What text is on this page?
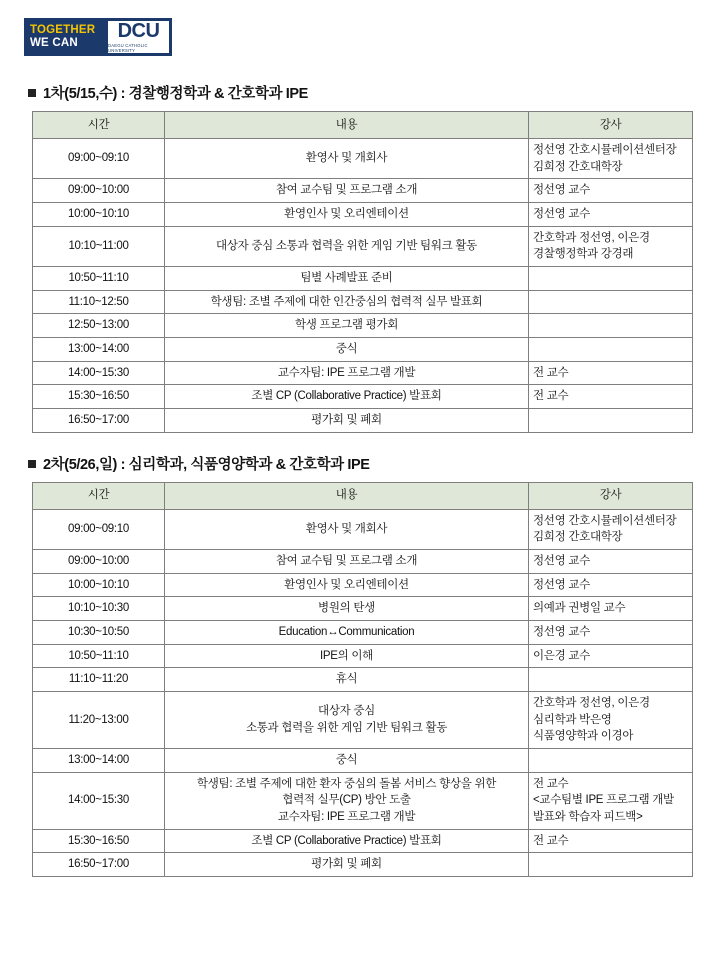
TOGETHER
WE CAN
DCU
DAEGU CATHOLIC UNIVERSITY
1차(5/15,수) : 경찰행정학과 & 간호학과 IPE
시간	내용	강사
09:00~09:10	환영사 및 개회사	정선영 간호시뮬레이션센터장
김희정 간호대학장

09:00~10:00	참여 교수팀 및 프로그램 소개	정선영 교수

10:00~10:10	환영인사 및 오리엔테이션	정선영 교수

10:10~11:00	대상자 중심 소통과 협력을 위한 게임 기반 팀워크 활동	간호학과 정선영, 이은경
경찰행정학과 강경래

10:50~11:10	팀별 사례발표 준비	
11:10~12:50	학생팀: 조별 주제에 대한 인간중심의 협력적 실무 발표회	
12:50~13:00	학생 프로그램 평가회	
13:00~14:00	중식	
14:00~15:30	교수자팀: IPE 프로그램 개발	전 교수

15:30~16:50	조별 CP (Collaborative Practice) 발표회	전 교수

16:50~17:00	평가회 및 폐회	
2차(5/26,일) : 심리학과, 식품영양학과 & 간호학과 IPE
시간	내용	강사
09:00~09:10	환영사 및 개회사	정선영 간호시뮬레이션센터장
김희정 간호대학장

09:00~10:00	참여 교수팀 및 프로그램 소개	정선영 교수

10:00~10:10	환영인사 및 오리엔테이션	정선영 교수

10:10~10:30	병원의 탄생	의예과 권병일 교수

10:30~10:50	Education↔Communication	정선영 교수

10:50~11:10	IPE의 이해	이은경 교수

11:10~11:20	휴식	
11:20~13:00	대상자 중심
소통과 협력을 위한 게임 기반 팀워크 활동	간호학과 정선영, 이은경
심리학과 박은영
식품영양학과 이경아

13:00~14:00	중식	
14:00~15:30	학생팀: 조별 주제에 대한 환자 중심의 돌봄 서비스 향상을 위한
협력적 실무(CP) 방안 도출
교수자팀: IPE 프로그램 개발	전 교수
<교수팀별 IPE 프로그램 개발
발표와 학습자 피드백>

15:30~16:50	조별 CP (Collaborative Practice) 발표회	전 교수

16:50~17:00	평가회 및 폐회	
